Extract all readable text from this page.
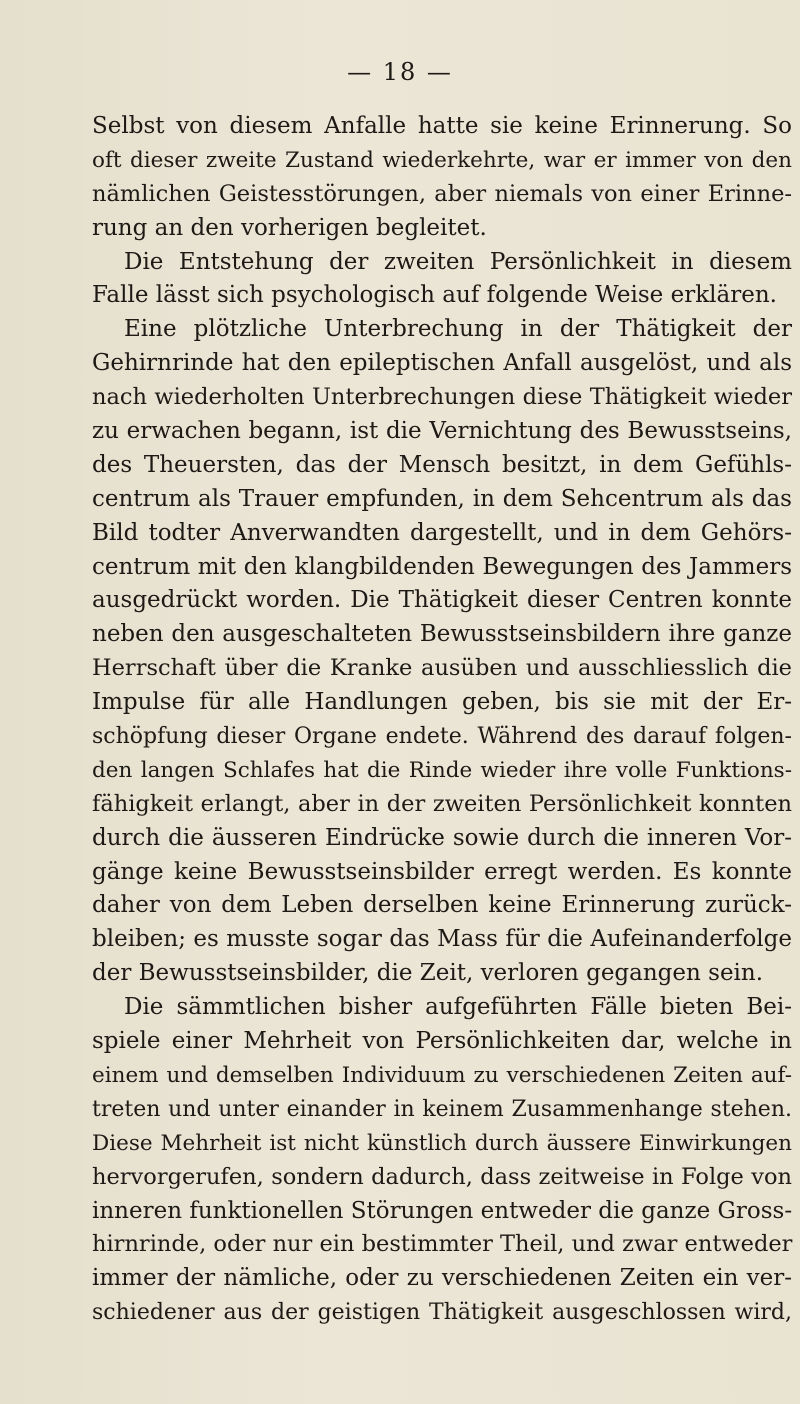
— 18 —
Selbst von diesem Anfalle hatte sie keine Erinnerung. So
oft dieser zweite Zustand wiederkehrte, war er immer von den
nämlichen Geistesstörungen, aber niemals von einer Erinne-
rung an den vorherigen begleitet.
Die Entstehung der zweiten Persönlichkeit in diesem
Falle lässt sich psychologisch auf folgende Weise erklären.
Eine plötzliche Unterbrechung in der Thätigkeit der
Gehirnrinde hat den epileptischen Anfall ausgelöst, und als
nach wiederholten Unterbrechungen diese Thätigkeit wieder
zu erwachen begann, ist die Vernichtung des Bewusstseins,
des Theuersten, das der Mensch besitzt, in dem Gefühls-
centrum als Trauer empfunden, in dem Sehcentrum als das
Bild todter Anverwandten dargestellt, und in dem Gehörs-
centrum mit den klangbildenden Bewegungen des Jammers
ausgedrückt worden. Die Thätigkeit dieser Centren konnte
neben den ausgeschalteten Bewusstseinsbildern ihre ganze
Herrschaft über die Kranke ausüben und ausschliesslich die
Impulse für alle Handlungen geben, bis sie mit der Er-
schöpfung dieser Organe endete. Während des darauf folgen-
den langen Schlafes hat die Rinde wieder ihre volle Funktions-
fähigkeit erlangt, aber in der zweiten Persönlichkeit konnten
durch die äusseren Eindrücke sowie durch die inneren Vor-
gänge keine Bewusstseinsbilder erregt werden. Es konnte
daher von dem Leben derselben keine Erinnerung zurück-
bleiben; es musste sogar das Mass für die Aufeinanderfolge
der Bewusstseinsbilder, die Zeit, verloren gegangen sein.
Die sämmtlichen bisher aufgeführten Fälle bieten Bei-
spiele einer Mehrheit von Persönlichkeiten dar, welche in
einem und demselben Individuum zu verschiedenen Zeiten auf-
treten und unter einander in keinem Zusammenhange stehen.
Diese Mehrheit ist nicht künstlich durch äussere Einwirkungen
hervorgerufen, sondern dadurch, dass zeitweise in Folge von
inneren funktionellen Störungen entweder die ganze Gross-
hirnrinde, oder nur ein bestimmter Theil, und zwar entweder
immer der nämliche, oder zu verschiedenen Zeiten ein ver-
schiedener aus der geistigen Thätigkeit ausgeschlossen wird,
